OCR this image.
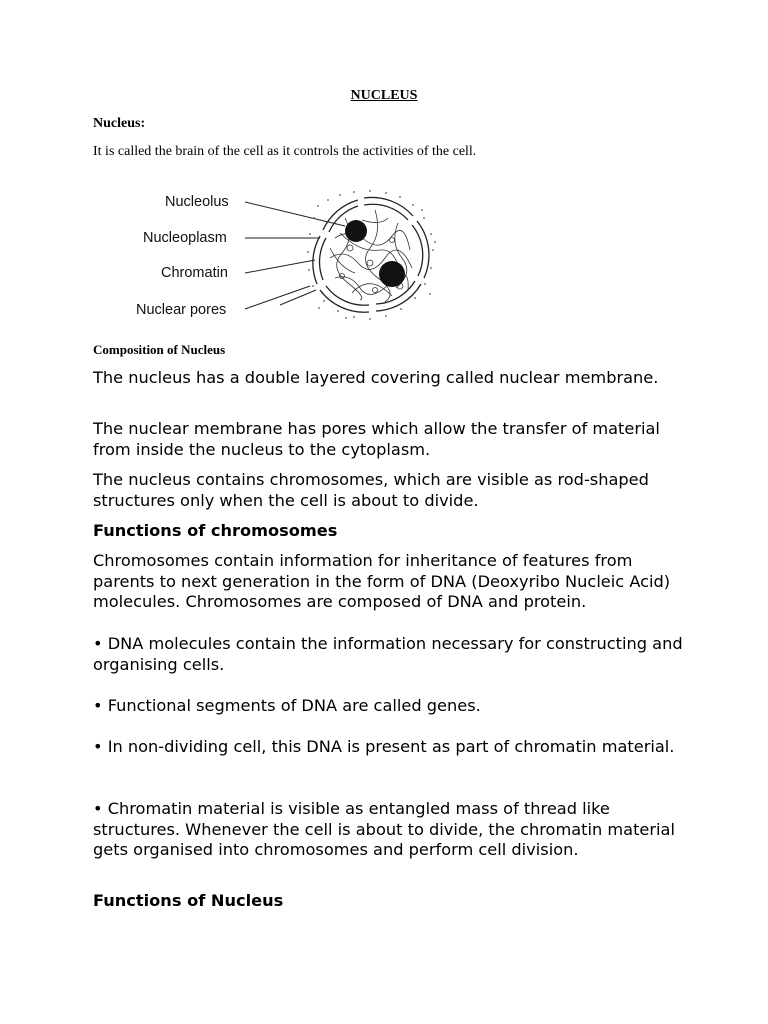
NUCLEUS
Nucleus:
It is called the brain of the cell as it controls the activities of the cell.
Nucleolus
Nucleoplasm
Chromatin
Nuclear pores
Composition of Nucleus

The nucleus has a double layered covering called nuclear membrane.

The nuclear membrane has pores which allow the transfer of material from inside the nucleus to the cytoplasm.

The nucleus contains chromosomes, which are visible as rod-shaped structures only when the cell is about to divide.

Functions of chromosomes

Chromosomes contain information for inheritance of features from parents to next generation in the form of DNA (Deoxyribo Nucleic Acid) molecules. Chromosomes are composed of DNA and protein.

• DNA molecules contain the information necessary for constructing and organising cells.

• Functional segments of DNA are called genes.

• In non-dividing cell, this DNA is present as part of chromatin material.

• Chromatin material is visible as entangled mass of thread like structures. Whenever the cell is about to divide, the chromatin material gets organised into chromosomes and perform cell division.

Functions of Nucleus
